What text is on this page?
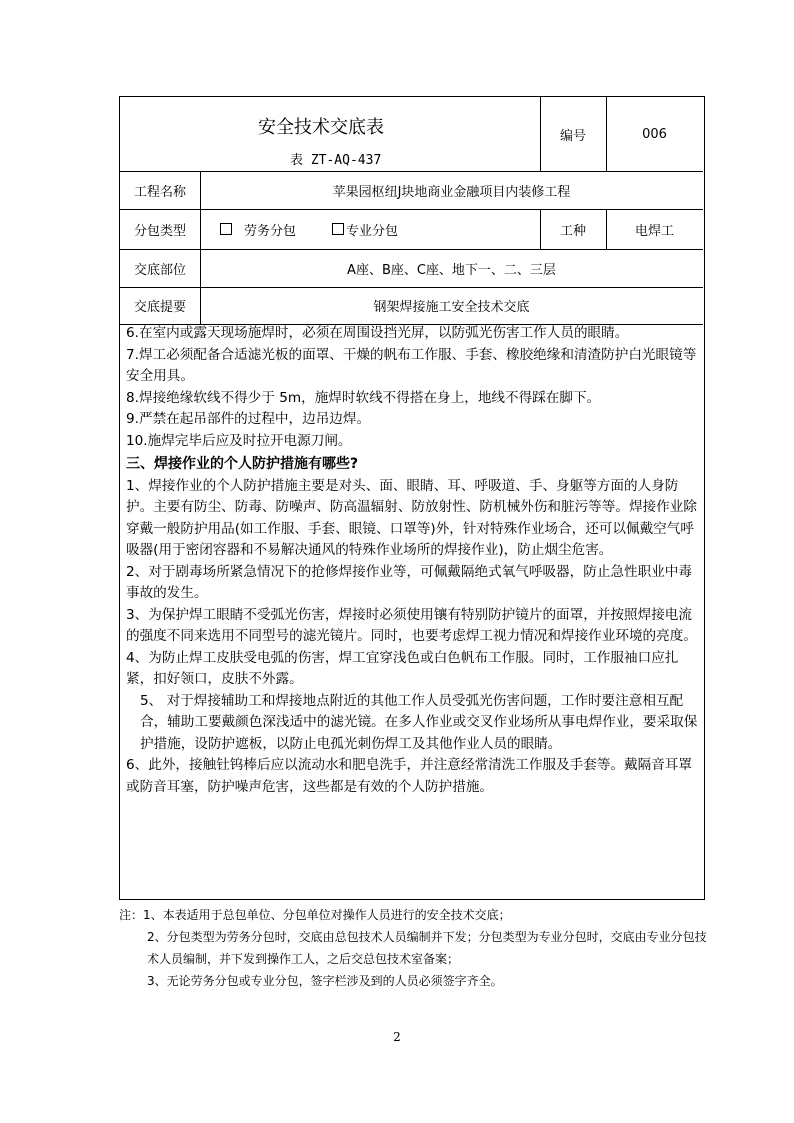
安全技术交底表
表 ZT-AQ-437
编号	006
工程名称	苹果园枢纽J块地商业金融项目内装修工程
分包类型	劳务分包	专业分包	工种	电焊工
交底部位	A座、B座、C座、地下一、二、三层
交底提要	钢架焊接施工安全技术交底

6.在室内或露天现场施焊时，必须在周围设挡光屏，以防弧光伤害工作人员的眼睛。

7.焊工必须配备合适滤光板的面罩、干燥的帆布工作服、手套、橡胶绝缘和清渣防护白光眼镜等安全用具。

8.焊接绝缘软线不得少于 5m，施焊时软线不得搭在身上，地线不得踩在脚下。

9.严禁在起吊部件的过程中，边吊边焊。

10.施焊完毕后应及时拉开电源刀闸。

三、焊接作业的个人防护措施有哪些?

1、焊接作业的个人防护措施主要是对头、面、眼睛、耳、呼吸道、手、身躯等方面的人身防护。主要有防尘、防毒、防噪声、防高温辐射、防放射性、防机械外伤和脏污等等。焊接作业除穿戴一般防护用品(如工作服、手套、眼镜、口罩等)外，针对特殊作业场合，还可以佩戴空气呼吸器(用于密闭容器和不易解决通风的特殊作业场所的焊接作业)，防止烟尘危害。

2、对于剧毒场所紧急情况下的抢修焊接作业等，可佩戴隔绝式氧气呼吸器，防止急性职业中毒事故的发生。

3、为保护焊工眼睛不受弧光伤害，焊接时必须使用镶有特别防护镜片的面罩，并按照焊接电流的强度不同来选用不同型号的滤光镜片。同时，也要考虑焊工视力情况和焊接作业环境的亮度。

4、为防止焊工皮肤受电弧的伤害，焊工宜穿浅色或白色帆布工作服。同时，工作服袖口应扎紧，扣好领口，皮肤不外露。

5、 对于焊接辅助工和焊接地点附近的其他工作人员受弧光伤害问题，工作时要注意相互配合，辅助工要戴颜色深浅适中的滤光镜。在多人作业或交叉作业场所从事电焊作业，要采取保护措施，设防护遮板，以防止电孤光刺伤焊工及其他作业人员的眼睛。

6、此外，接触钍钨棒后应以流动水和肥皂洗手，并注意经常清洗工作服及手套等。戴隔音耳罩或防音耳塞，防护噪声危害，这些都是有效的个人防护措施。

注：1、本表适用于总包单位、分包单位对操作人员进行的安全技术交底；

2、分包类型为劳务分包时，交底由总包技术人员编制并下发；分包类型为专业分包时，交底由专业分包技术人员编制，并下发到操作工人，之后交总包技术室备案；

3、无论劳务分包或专业分包，签字栏涉及到的人员必须签字齐全。

2
